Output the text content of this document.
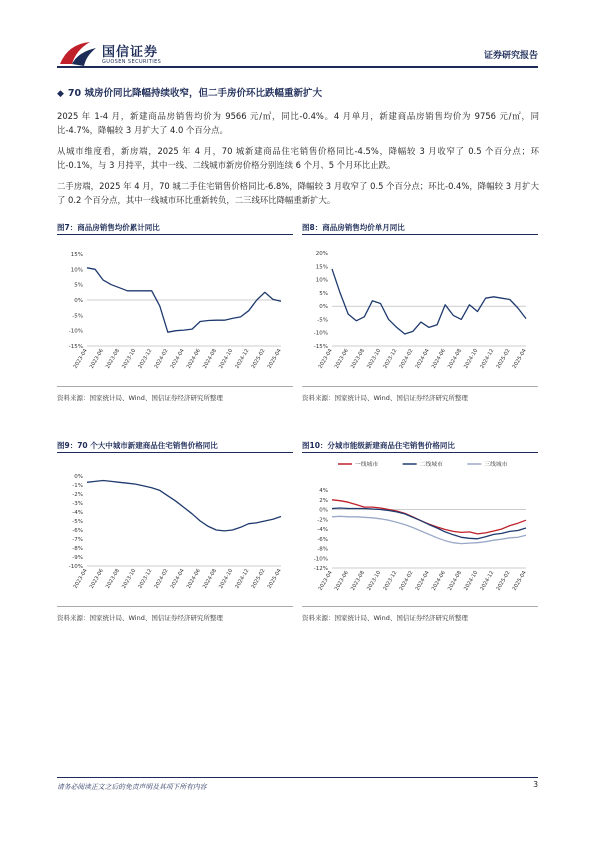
国信证券
GUOSEN SECURITIES
证券研究报告
◆ 70 城房价同比降幅持续收窄，但二手房价环比跌幅重新扩大
2025 年 1-4 月，新建商品房销售均价为 9566 元/㎡，同比-0.4%。4 月单月，新建商品房销售均价为 9756 元/㎡，同比-4.7%，降幅较 3 月扩大了 4.0 个百分点。
从城市维度看，新房端，2025 年 4 月，70 城新建商品住宅销售价格同比-4.5%，降幅较 3 月收窄了 0.5 个百分点；环比-0.1%，与 3 月持平，其中一线、二线城市新房价格分别连续 6 个月、5 个月环比止跌。
二手房端，2025 年 4 月，70 城二手住宅销售价格同比-6.8%，降幅较 3 月收窄了 0.5 个百分点；环比-0.4%，降幅较 3 月扩大了 0.2 个百分点，其中一线城市环比重新转负，二三线环比降幅重新扩大。
图7：商品房销售均价累计同比
15%
10%
5%
0%
-5%
-10%
-15%
2023-04 2023-06 2023-08 2023-10 2023-12 2024-02 2024-04 2024-06 2024-08 2024-10 2024-12 2025-02 2025-04
资料来源：国家统计局、Wind、国信证券经济研究所整理
图8：商品房销售均价单月同比
20%
15%
10%
5%
0%
-5%
-10%
-15%
2023-04 2023-06 2023-08 2023-10 2023-12 2024-02 2024-04 2024-06 2024-08 2024-10 2024-12 2025-02 2025-04
资料来源：国家统计局、Wind、国信证券经济研究所整理
图9：70 个大中城市新建商品住宅销售价格同比
0%
-1%
-2%
-3%
-4%
-5%
-6%
-7%
-8%
-9%
-10%
2023-04 2023-06 2023-08 2023-10 2023-12 2024-02 2024-04 2024-06 2024-08 2024-10 2024-12 2025-02 2025-04
资料来源：国家统计局、Wind、国信证券经济研究所整理
图10：分城市能级新建商品住宅销售价格同比
4%
2%
0%
-2%
-4%
-6%
-8%
-10%
-12%
2023-04 2023-06 2023-08 2023-10 2023-12 2024-02 2024-04 2024-06 2024-08 2024-10 2024-12 2025-02 2025-04
一线城市	二线城市	三线城市
资料来源：国家统计局、Wind、国信证券经济研究所整理
请务必阅读正文之后的免责声明及其项下所有内容	3
